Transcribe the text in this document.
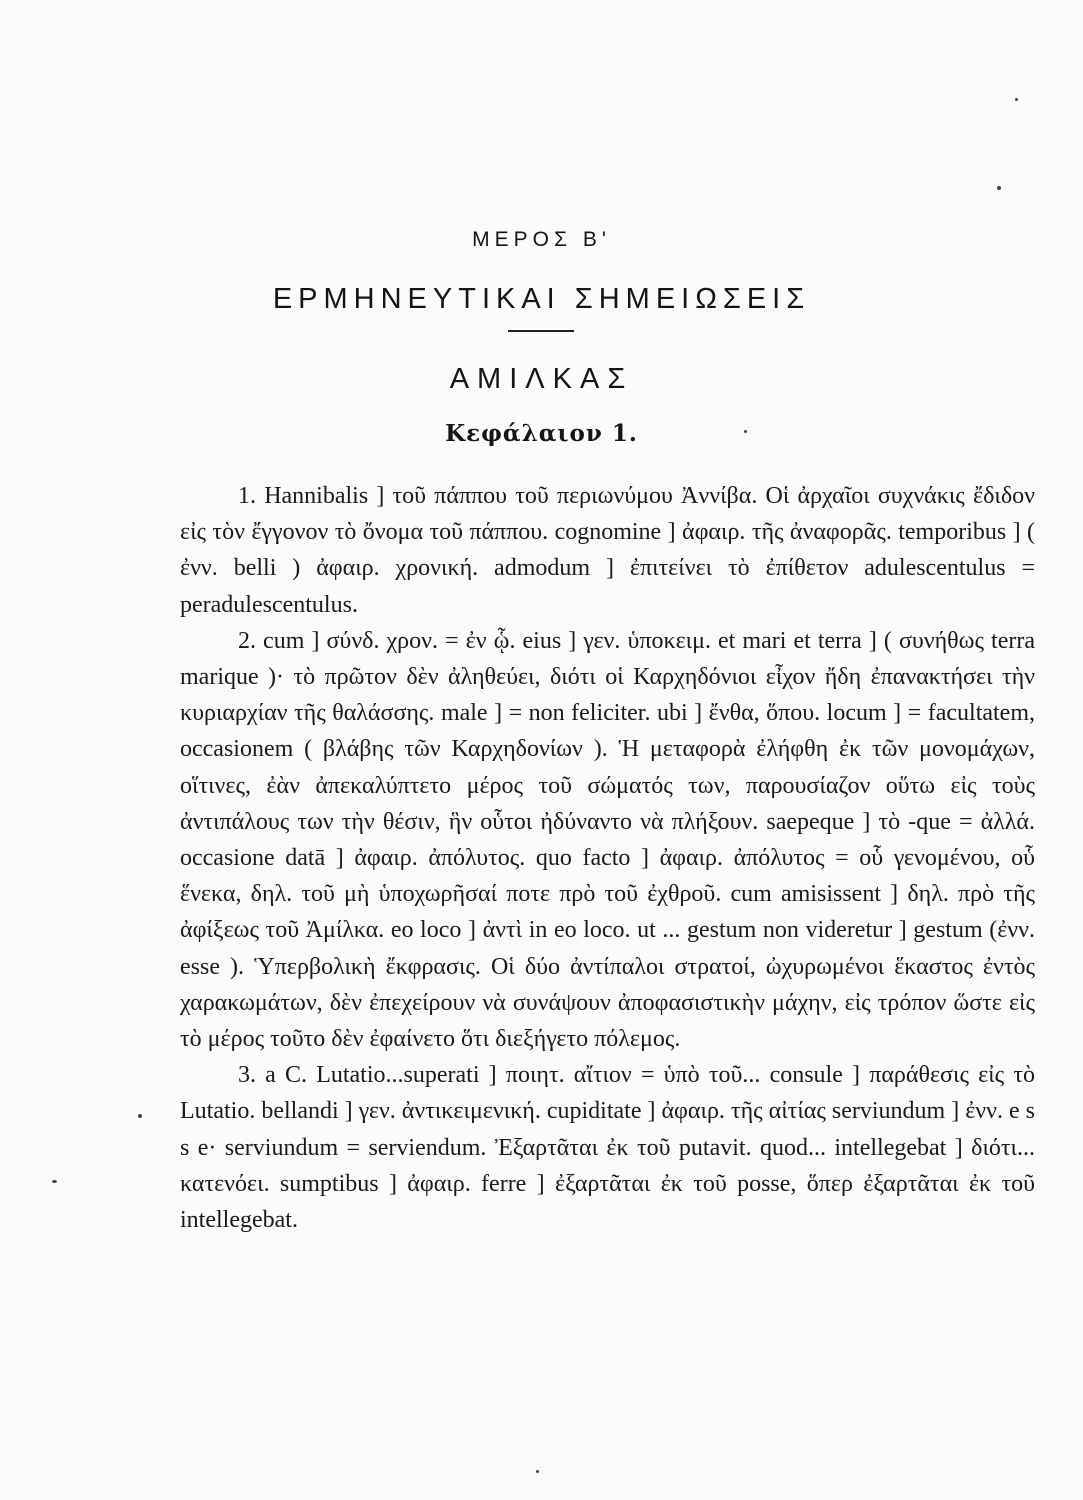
ΜΕΡΟΣ Β'
ΕΡΜΗΝΕΥΤΙΚΑΙ ΣΗΜΕΙΩΣΕΙΣ
ΑΜΙΛΚΑΣ
Κεφάλαιον 1.

1. Hannibalis ] τοῦ πάππου τοῦ περιωνύμου Ἀννίβα. Οἱ ἀρχαῖοι συχνάκις ἔδιδον εἰς τὸν ἔγγονον τὸ ὄνομα τοῦ πάππου. cognomine ] ἀφαιρ. τῆς ἀναφορᾶς. temporibus ] ( ἐνν. belli ) ἀφαιρ. χρονική. admodum ] ἐπιτείνει τὸ ἐπίθετον adulescentulus = peradulescentulus.

2. cum ] σύνδ. χρον. = ἐν ᾧ. eius ] γεν. ὑποκειμ. et mari et terra ] ( συνήθως terra marique )· τὸ πρῶτον δὲν ἀληθεύει, διότι οἱ Καρχηδόνιοι εἶχον ἤδη ἐπανακτήσει τὴν κυριαρχίαν τῆς θαλάσσης. male ] = non feliciter. ubi ] ἔνθα, ὅπου. locum ] = facultatem, occasionem ( βλάβης τῶν Καρχηδονίων ). Ἡ μεταφορὰ ἐλήφθη ἐκ τῶν μονομάχων, οἵτινες, ἐὰν ἀπεκαλύπτετο μέρος τοῦ σώματός των, παρουσίαζον οὕτω εἰς τοὺς ἀντιπάλους των τὴν θέσιν, ἣν οὗτοι ἠδύναντο νὰ πλήξουν. saepeque ] τὸ -que = ἀλλά. occasione datā ] ἀφαιρ. ἀπόλυτος. quo facto ] ἀφαιρ. ἀπόλυτος = οὗ γενομένου, οὗ ἕνεκα, δηλ. τοῦ μὴ ὑποχωρῆσαί ποτε πρὸ τοῦ ἐχθροῦ. cum amisissent ] δηλ. πρὸ τῆς ἀφίξεως τοῦ Ἀμίλκα. eo loco ] ἀντὶ in eo loco. ut ... gestum non videretur ] gestum (ἐνν. esse ). Ὑπερβολικὴ ἔκφρασις. Οἱ δύο ἀντίπαλοι στρατοί, ὠχυρωμένοι ἕκαστος ἐντὸς χαρακωμάτων, δὲν ἐπεχείρουν νὰ συνάψουν ἀποφασιστικὴν μάχην, εἰς τρόπον ὥστε εἰς τὸ μέρος τοῦτο δὲν ἐφαίνετο ὅτι διεξήγετο πόλεμος.

3. a C. Lutatio...superati ] ποιητ. αἴτιον = ὑπὸ τοῦ... consule ] παράθεσις εἰς τὸ Lutatio. bellandi ] γεν. ἀντικειμενική. cupiditate ] ἀφαιρ. τῆς αἰτίας serviundum ] ἐνν. e s s e· serviundum = serviendum. Ἐξαρτᾶται ἐκ τοῦ putavit. quod... intellegebat ] διότι... κατενόει. sumptibus ] ἀφαιρ. ferre ] ἐξαρτᾶται ἐκ τοῦ posse, ὅπερ ἐξαρτᾶται ἐκ τοῦ intellegebat.
